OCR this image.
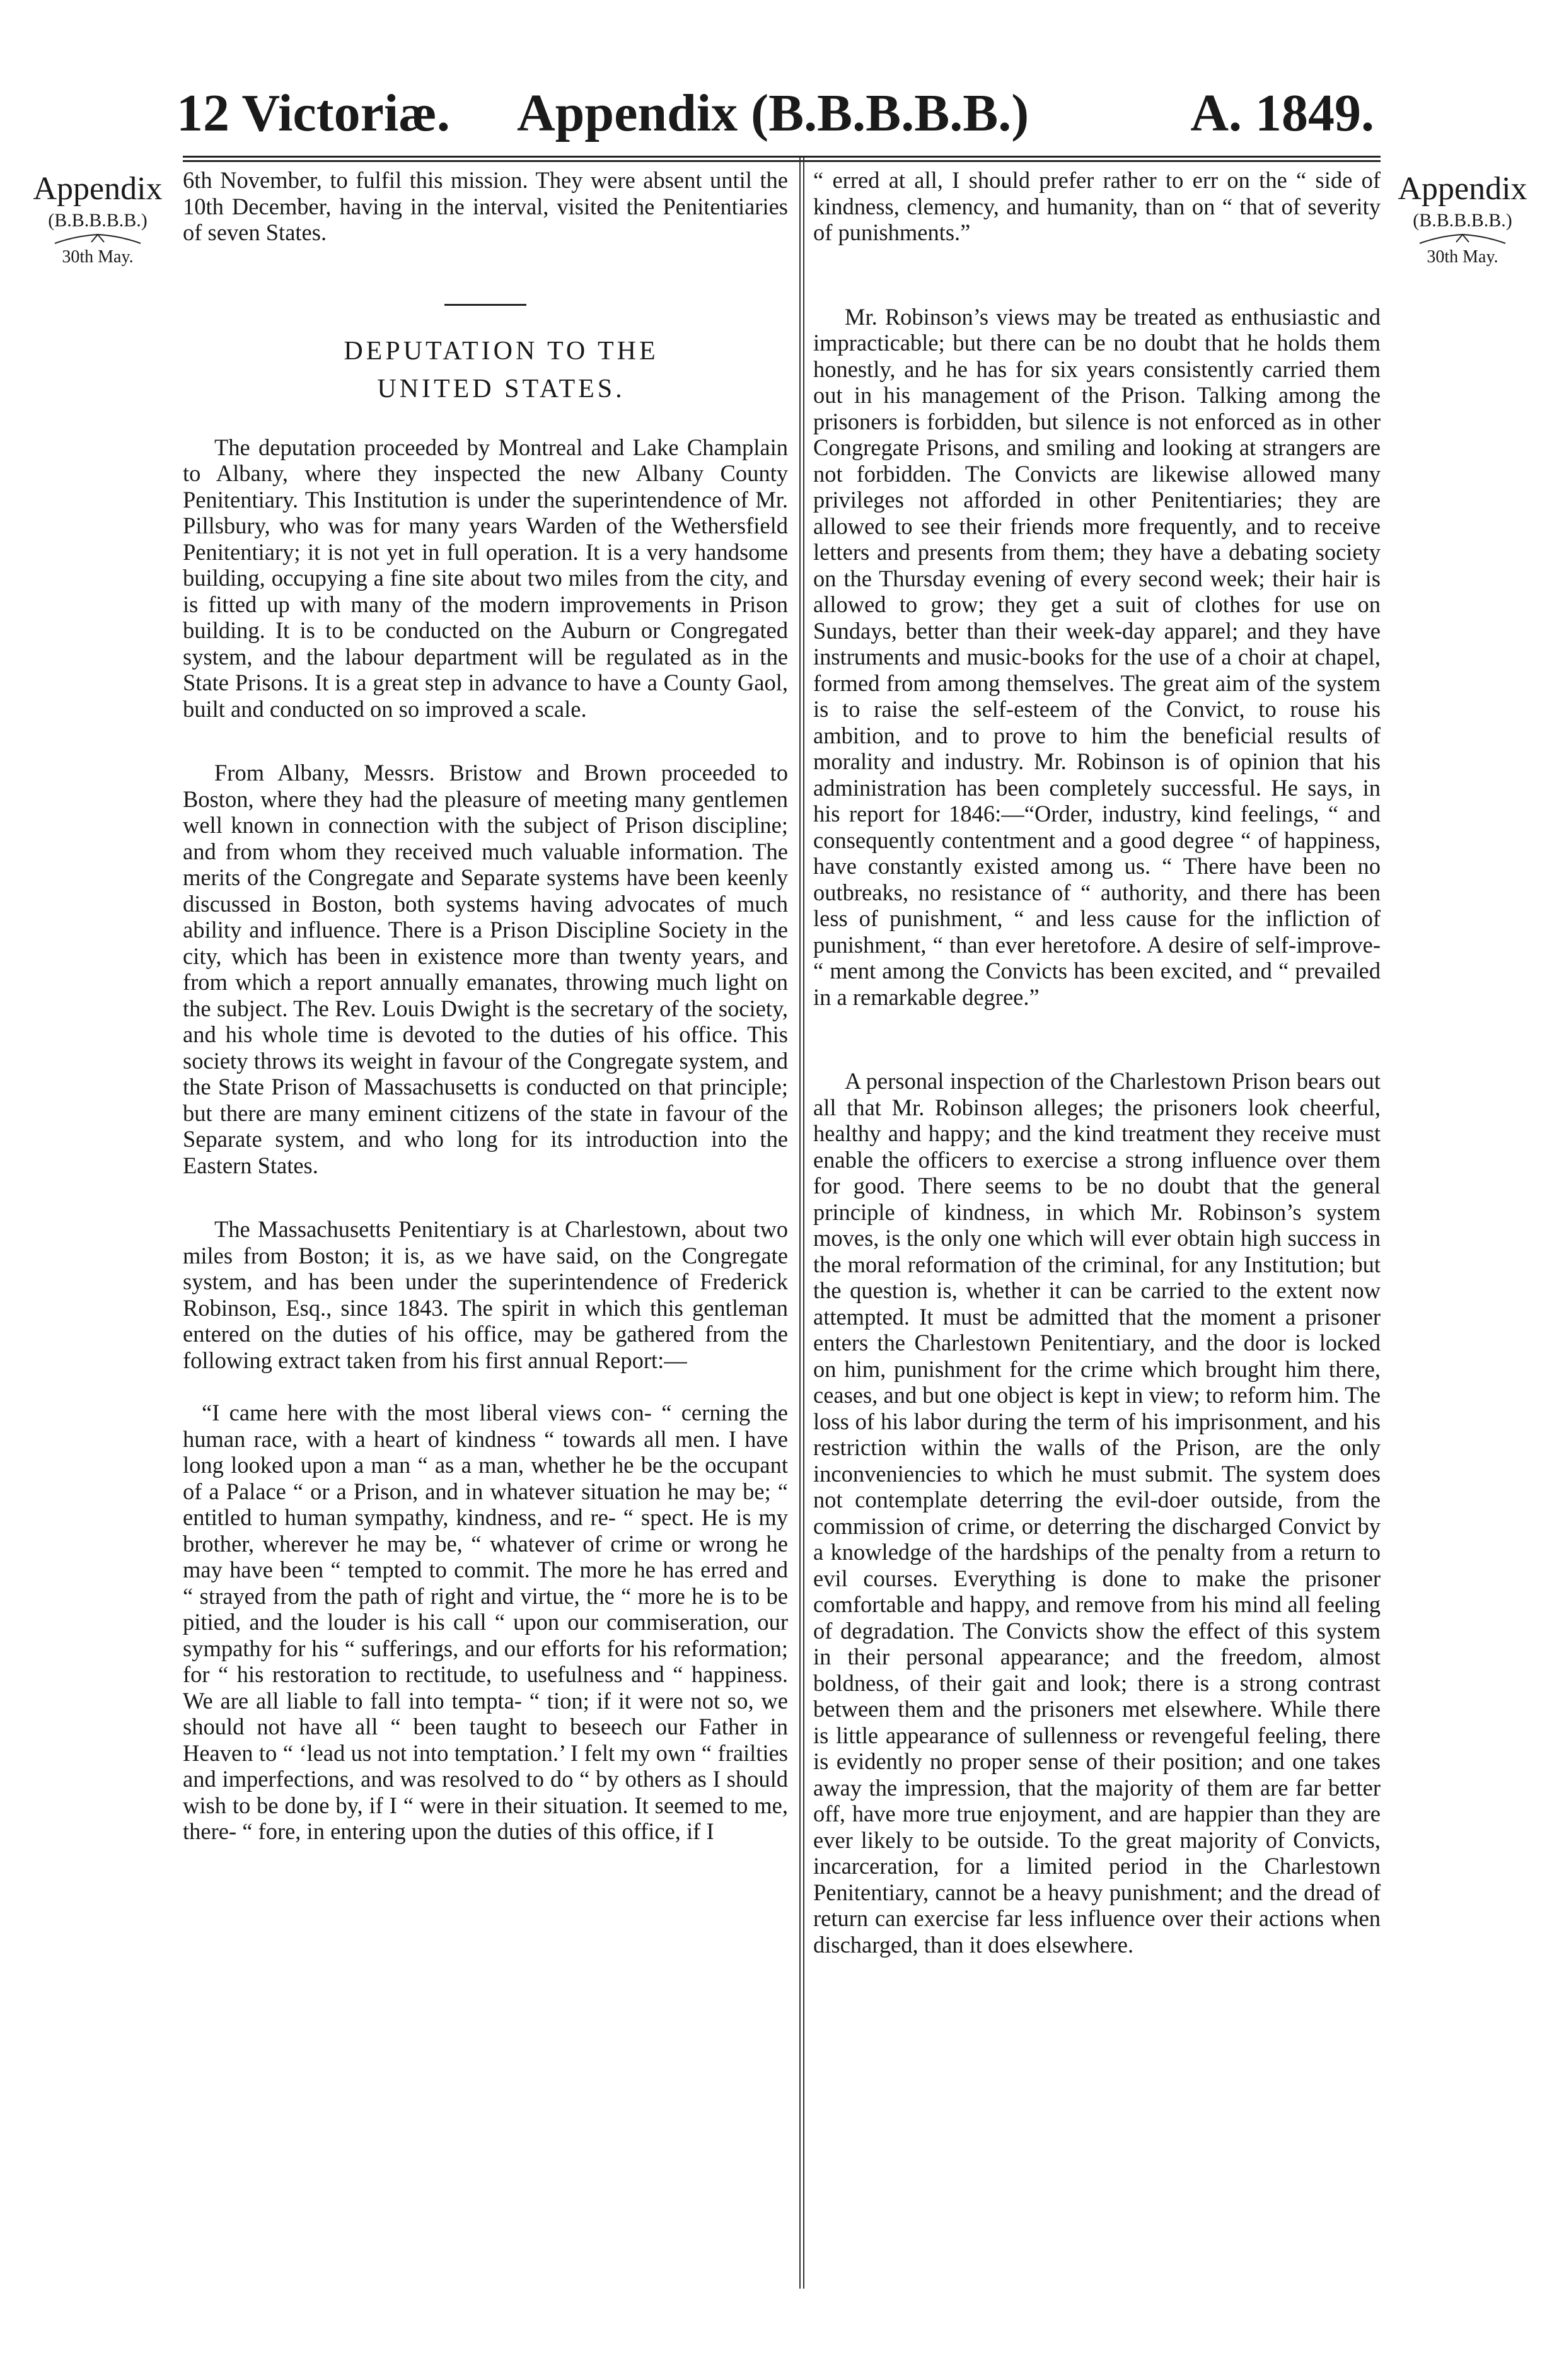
12 Victoriæ. Appendix (B.B.B.B.B.)	A. 1849.
Appendix
(B.B.B.B.B.)
30th May.
Appendix
(B.B.B.B.B.)
30th May.

6th November, to fulfil this mission. They were absent until the 10th December, having in the interval, visited the Penitentiaries of seven States.

DEPUTATION TO THE

UNITED STATES.

The deputation proceeded by Montreal and Lake Champlain to Albany, where they inspected the new Albany County Penitentiary. This Institution is under the superintendence of Mr. Pillsbury, who was for many years Warden of the Wethersfield Penitentiary; it is not yet in full operation. It is a very handsome building, occupying a fine site about two miles from the city, and is fitted up with many of the modern improvements in Prison building. It is to be conducted on the Auburn or Congregated system, and the labour department will be regulated as in the State Prisons. It is a great step in advance to have a County Gaol, built and conducted on so improved a scale.

From Albany, Messrs. Bristow and Brown proceeded to Boston, where they had the pleasure of meeting many gentlemen well known in connection with the subject of Prison discipline; and from whom they received much valuable information. The merits of the Congregate and Separate systems have been keenly discussed in Boston, both systems having advocates of much ability and influence. There is a Prison Discipline Society in the city, which has been in existence more than twenty years, and from which a report annually emanates, throwing much light on the subject. The Rev. Louis Dwight is the secretary of the society, and his whole time is devoted to the duties of his office. This society throws its weight in favour of the Congregate system, and the State Prison of Massachusetts is conducted on that principle; but there are many eminent citizens of the state in favour of the Separate system, and who long for its introduction into the Eastern States.

The Massachusetts Penitentiary is at Charlestown, about two miles from Boston; it is, as we have said, on the Congregate system, and has been under the superintendence of Frederick Robinson, Esq., since 1843. The spirit in which this gentleman entered on the duties of his office, may be gathered from the following extract taken from his first annual Report:—

“I came here with the most liberal views con- “ cerning the human race, with a heart of kindness “ towards all men. I have long looked upon a man “ as a man, whether he be the occupant of a Palace “ or a Prison, and in whatever situation he may be; “ entitled to human sympathy, kindness, and re- “ spect. He is my brother, wherever he may be, “ whatever of crime or wrong he may have been “ tempted to commit. The more he has erred and “ strayed from the path of right and virtue, the “ more he is to be pitied, and the louder is his call “ upon our commiseration, our sympathy for his “ sufferings, and our efforts for his reformation; for “ his restoration to rectitude, to usefulness and “ happiness. We are all liable to fall into tempta- “ tion; if it were not so, we should not have all “ been taught to beseech our Father in Heaven to “ ‘lead us not into temptation.’ I felt my own “ frailties and imperfections, and was resolved to do “ by others as I should wish to be done by, if I “ were in their situation. It seemed to me, there- “ fore, in entering upon the duties of this office, if I

“ erred at all, I should prefer rather to err on the “ side of kindness, clemency, and humanity, than on “ that of severity of punishments.”

Mr. Robinson’s views may be treated as enthusiastic and impracticable; but there can be no doubt that he holds them honestly, and he has for six years consistently carried them out in his management of the Prison. Talking among the prisoners is forbidden, but silence is not enforced as in other Congregate Prisons, and smiling and looking at strangers are not forbidden. The Convicts are likewise allowed many privileges not afforded in other Penitentiaries; they are allowed to see their friends more frequently, and to receive letters and presents from them; they have a debating society on the Thursday evening of every second week; their hair is allowed to grow; they get a suit of clothes for use on Sundays, better than their week-day apparel; and they have instruments and music-books for the use of a choir at chapel, formed from among themselves. The great aim of the system is to raise the self-esteem of the Convict, to rouse his ambition, and to prove to him the beneficial results of morality and industry. Mr. Robinson is of opinion that his administration has been completely successful. He says, in his report for 1846:—“Order, industry, kind feelings, “ and consequently contentment and a good degree “ of happiness, have constantly existed among us. “ There have been no outbreaks, no resistance of “ authority, and there has been less of punishment, “ and less cause for the infliction of punishment, “ than ever heretofore. A desire of self-improve- “ ment among the Convicts has been excited, and “ prevailed in a remarkable degree.”

A personal inspection of the Charlestown Prison bears out all that Mr. Robinson alleges; the prisoners look cheerful, healthy and happy; and the kind treatment they receive must enable the officers to exercise a strong influence over them for good. There seems to be no doubt that the general principle of kindness, in which Mr. Robinson’s system moves, is the only one which will ever obtain high success in the moral reformation of the criminal, for any Institution; but the question is, whether it can be carried to the extent now attempted. It must be admitted that the moment a prisoner enters the Charlestown Penitentiary, and the door is locked on him, punishment for the crime which brought him there, ceases, and but one object is kept in view; to reform him. The loss of his labor during the term of his imprisonment, and his restriction within the walls of the Prison, are the only inconveniencies to which he must submit. The system does not contemplate deterring the evil-doer outside, from the commission of crime, or deterring the discharged Convict by a knowledge of the hardships of the penalty from a return to evil courses. Everything is done to make the prisoner comfortable and happy, and remove from his mind all feeling of degradation. The Convicts show the effect of this system in their personal appearance; and the freedom, almost boldness, of their gait and look; there is a strong contrast between them and the prisoners met elsewhere. While there is little appearance of sullenness or revengeful feeling, there is evidently no proper sense of their position; and one takes away the impression, that the majority of them are far better off, have more true enjoyment, and are happier than they are ever likely to be outside. To the great majority of Convicts, incarceration, for a limited period in the Charlestown Penitentiary, cannot be a heavy punishment; and the dread of return can exercise far less influence over their actions when discharged, than it does elsewhere.
